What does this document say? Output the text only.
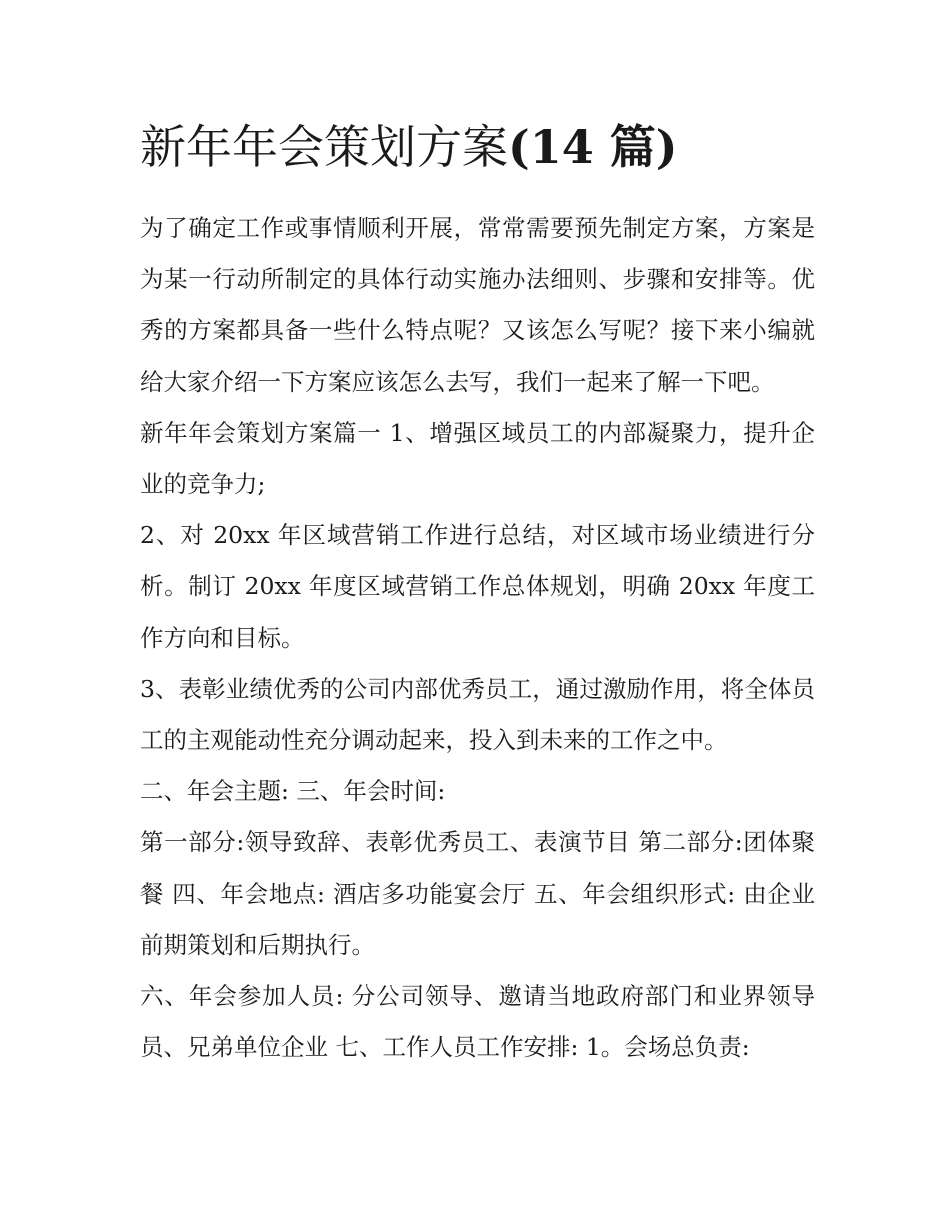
新年年会策划方案(14 篇)

为了确定工作或事情顺利开展，常常需要预先制定方案，方案是为某一行动所制定的具体行动实施办法细则、步骤和安排等。优秀的方案都具备一些什么特点呢？又该怎么写呢？接下来小编就给大家介绍一下方案应该怎么去写，我们一起来了解一下吧。

新年年会策划方案篇一 1、增强区域员工的内部凝聚力，提升企业的竞争力;

2、对 20xx 年区域营销工作进行总结，对区域市场业绩进行分析。制订 20xx 年度区域营销工作总体规划，明确 20xx 年度工作方向和目标。

3、表彰业绩优秀的公司内部优秀员工，通过激励作用，将全体员工的主观能动性充分调动起来，投入到未来的工作之中。

二、年会主题: 三、年会时间:

第一部分:领导致辞、表彰优秀员工、表演节目 第二部分:团体聚餐 四、年会地点: 酒店多功能宴会厅 五、年会组织形式: 由企业前期策划和后期执行。

六、年会参加人员: 分公司领导、邀请当地政府部门和业界领导员、兄弟单位企业 七、工作人员工作安排: 1。会场总负责:
